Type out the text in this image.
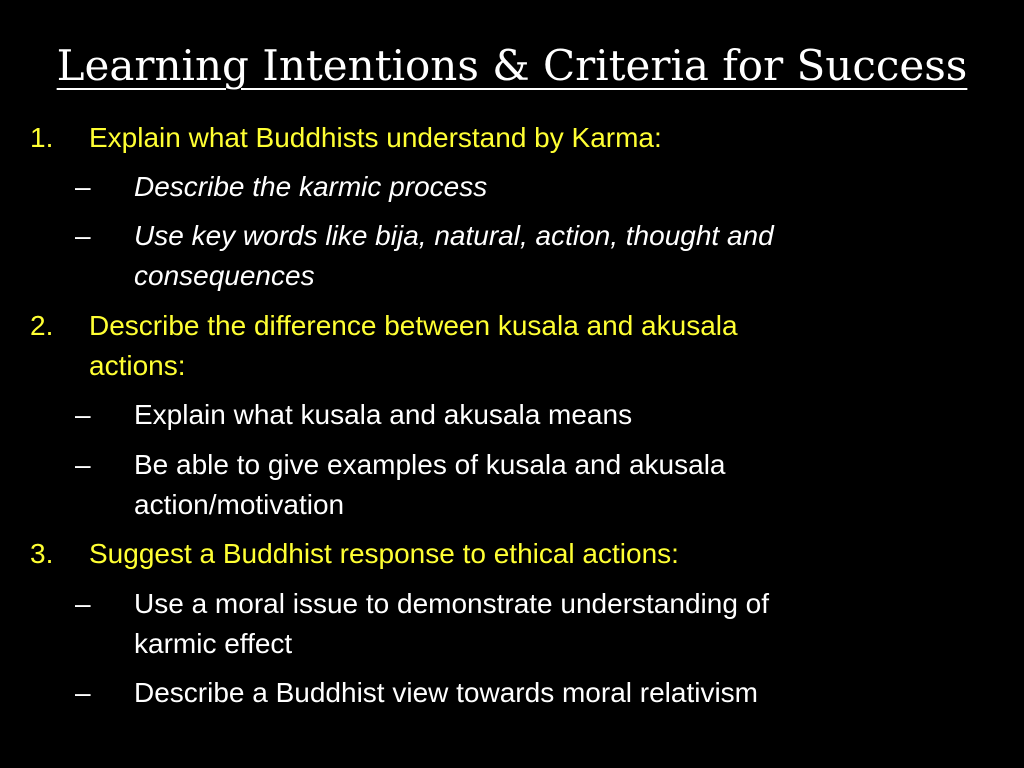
Learning Intentions & Criteria for Success
1. Explain what Buddhists understand by Karma:
– Describe the karmic process
– Use key words like bija, natural, action, thought and
consequences
2. Describe the difference between kusala and akusala
actions:
– Explain what kusala and akusala means
– Be able to give examples of kusala and akusala
action/motivation
3. Suggest a Buddhist response to ethical actions:
– Use a moral issue to demonstrate understanding of
karmic effect
– Describe a Buddhist view towards moral relativism
